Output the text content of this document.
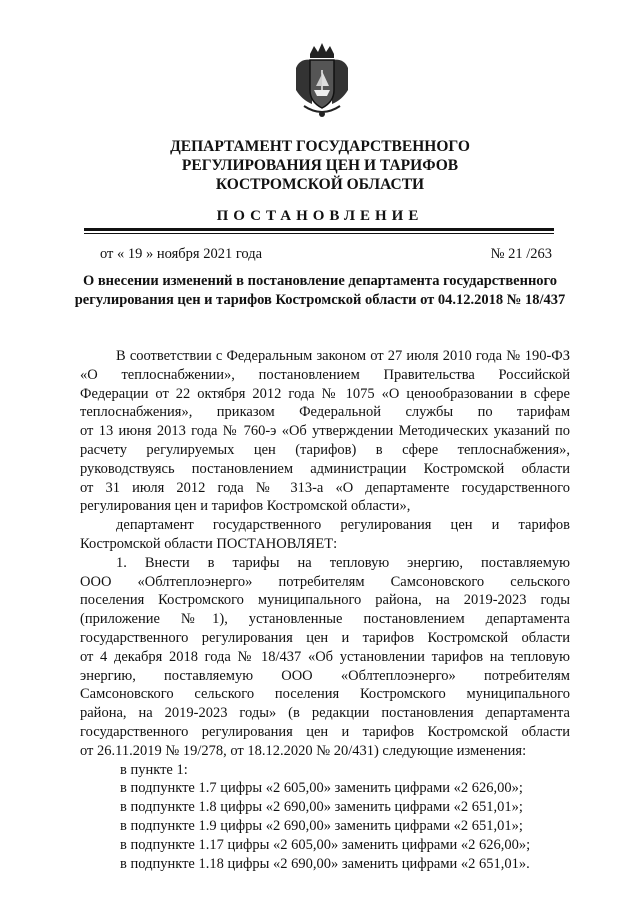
ДЕПАРТАМЕНТ ГОСУДАРСТВЕННОГО
РЕГУЛИРОВАНИЯ ЦЕН И ТАРИФОВ
КОСТРОМСКОЙ ОБЛАСТИ
ПОСТАНОВЛЕНИЕ
от « 19 » ноября 2021 года	№ 21 /263
О внесении изменений в постановление департамента государственного
регулирования цен и тарифов Костромской области от 04.12.2018 № 18/437
В соответствии с Федеральным законом от 27 июля 2010 года № 190-ФЗ
«О теплоснабжении», постановлением Правительства Российской
Федерации от 22 октября 2012 года № 1075 «О ценообразовании в сфере
теплоснабжения», приказом Федеральной службы по тарифам
от 13 июня 2013 года № 760-э «Об утверждении Методических указаний по
расчету регулируемых цен (тарифов) в сфере теплоснабжения»,
руководствуясь постановлением администрации Костромской области
от 31 июля 2012 года № 313-а «О департаменте государственного
регулирования цен и тарифов Костромской области»,
департамент государственного регулирования цен и тарифов
Костромской области ПОСТАНОВЛЯЕТ:
1. Внести в тарифы на тепловую энергию, поставляемую
ООО «Облтеплоэнерго» потребителям Самсоновского сельского
поселения Костромского муниципального района, на 2019-2023 годы
(приложение №1), установленные постановлением департамента
государственного регулирования цен и тарифов Костромской области
от 4 декабря 2018 года № 18/437 «Об установлении тарифов на тепловую
энергию, поставляемую ООО «Облтеплоэнерго» потребителям
Самсоновского сельского поселения Костромского муниципального
района, на 2019-2023 годы» (в редакции постановления департамента
государственного регулирования цен и тарифов Костромской области
от 26.11.2019 № 19/278, от 18.12.2020 № 20/431) следующие изменения:
в пункте 1:
в подпункте 1.7 цифры «2 605,00» заменить цифрами «2 626,00»;
в подпункте 1.8 цифры «2 690,00» заменить цифрами «2 651,01»;
в подпункте 1.9 цифры «2 690,00» заменить цифрами «2 651,01»;
в подпункте 1.17 цифры «2 605,00» заменить цифрами «2 626,00»;
в подпункте 1.18 цифры «2 690,00» заменить цифрами «2 651,01».
